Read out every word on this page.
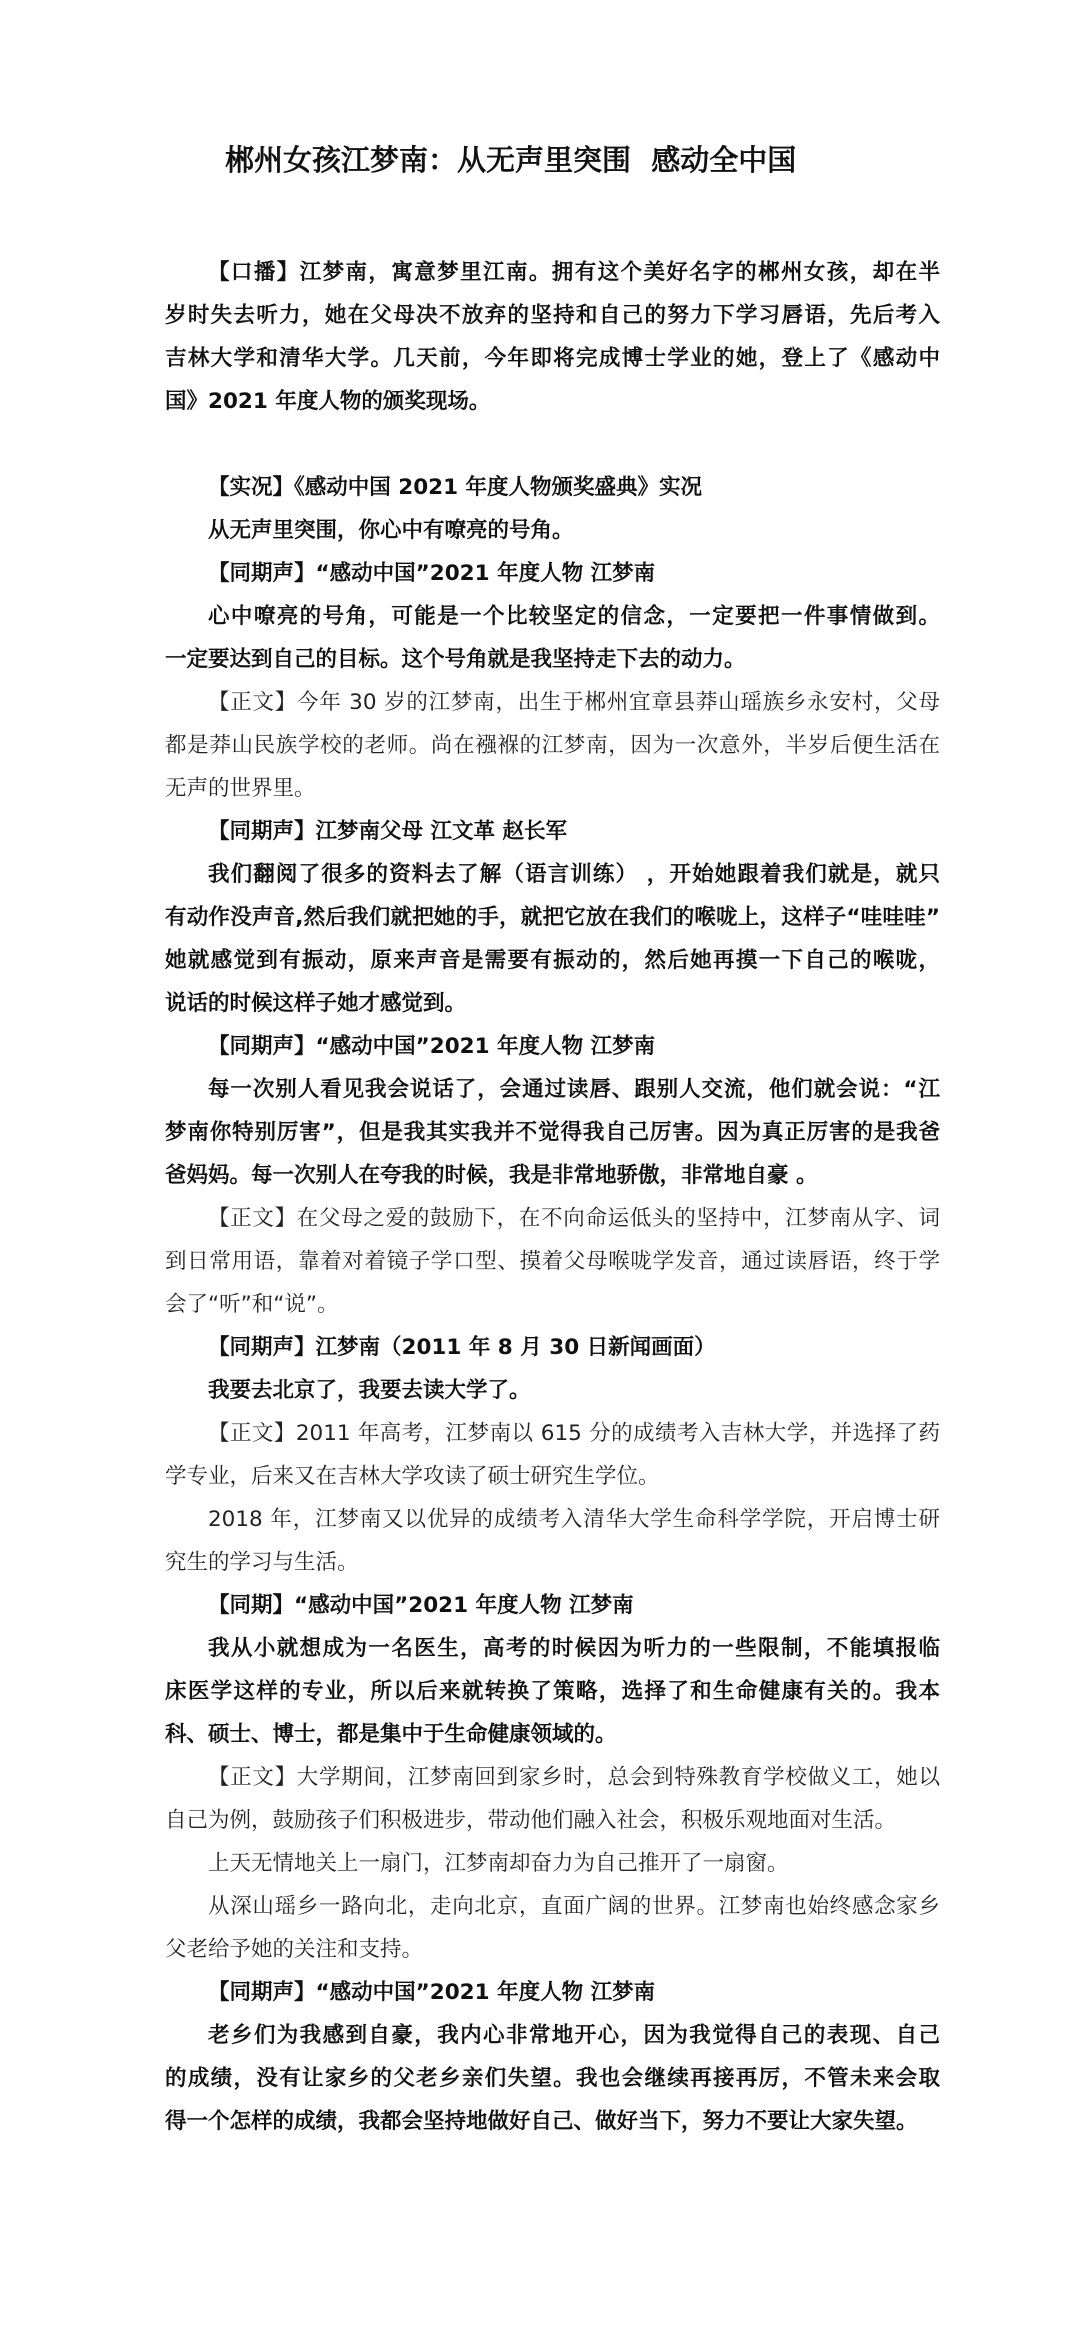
郴州女孩江梦南：从无声里突围  感动全中国
【口播】江梦南，寓意梦里江南。拥有这个美好名字的郴州女孩，却在半
岁时失去听力，她在父母决不放弃的坚持和自己的努力下学习唇语，先后考入
吉林大学和清华大学。几天前，今年即将完成博士学业的她，登上了《感动中
国》2021 年度人物的颁奖现场。
【实况】《感动中国 2021 年度人物颁奖盛典》实况
从无声里突围，你心中有嘹亮的号角。
【同期声】“感动中国”2021 年度人物 江梦南
心中嘹亮的号角，可能是一个比较坚定的信念，一定要把一件事情做到。
一定要达到自己的目标。这个号角就是我坚持走下去的动力。
【正文】今年 30 岁的江梦南，出生于郴州宜章县莽山瑶族乡永安村，父母
都是莽山民族学校的老师。尚在襁褓的江梦南，因为一次意外，半岁后便生活在
无声的世界里。
【同期声】江梦南父母 江文革 赵长军
我们翻阅了很多的资料去了解（语言训练） ，开始她跟着我们就是，就只
有动作没声音,然后我们就把她的手，就把它放在我们的喉咙上，这样子“哇哇哇”
她就感觉到有振动，原来声音是需要有振动的，然后她再摸一下自己的喉咙，
说话的时候这样子她才感觉到。
【同期声】“感动中国”2021 年度人物 江梦南
每一次别人看见我会说话了，会通过读唇、跟别人交流，他们就会说：“江
梦南你特别厉害”，但是我其实我并不觉得我自己厉害。因为真正厉害的是我爸
爸妈妈。每一次别人在夸我的时候，我是非常地骄傲，非常地自豪 。
【正文】在父母之爱的鼓励下，在不向命运低头的坚持中，江梦南从字、词
到日常用语，靠着对着镜子学口型、摸着父母喉咙学发音，通过读唇语，终于学
会了“听”和“说”。
【同期声】江梦南（2011 年 8 月 30 日新闻画面）
我要去北京了，我要去读大学了。
【正文】2011 年高考，江梦南以 615 分的成绩考入吉林大学，并选择了药
学专业，后来又在吉林大学攻读了硕士研究生学位。
2018 年，江梦南又以优异的成绩考入清华大学生命科学学院，开启博士研
究生的学习与生活。
【同期】“感动中国”2021 年度人物 江梦南
我从小就想成为一名医生，高考的时候因为听力的一些限制，不能填报临
床医学这样的专业，所以后来就转换了策略，选择了和生命健康有关的。我本
科、硕士、博士，都是集中于生命健康领域的。
【正文】大学期间，江梦南回到家乡时，总会到特殊教育学校做义工，她以
自己为例，鼓励孩子们积极进步，带动他们融入社会，积极乐观地面对生活。
上天无情地关上一扇门，江梦南却奋力为自己推开了一扇窗。
从深山瑶乡一路向北，走向北京，直面广阔的世界。江梦南也始终感念家乡
父老给予她的关注和支持。
【同期声】“感动中国”2021 年度人物 江梦南
老乡们为我感到自豪，我内心非常地开心，因为我觉得自己的表现、自己
的成绩，没有让家乡的父老乡亲们失望。我也会继续再接再厉，不管未来会取
得一个怎样的成绩，我都会坚持地做好自己、做好当下，努力不要让大家失望。
